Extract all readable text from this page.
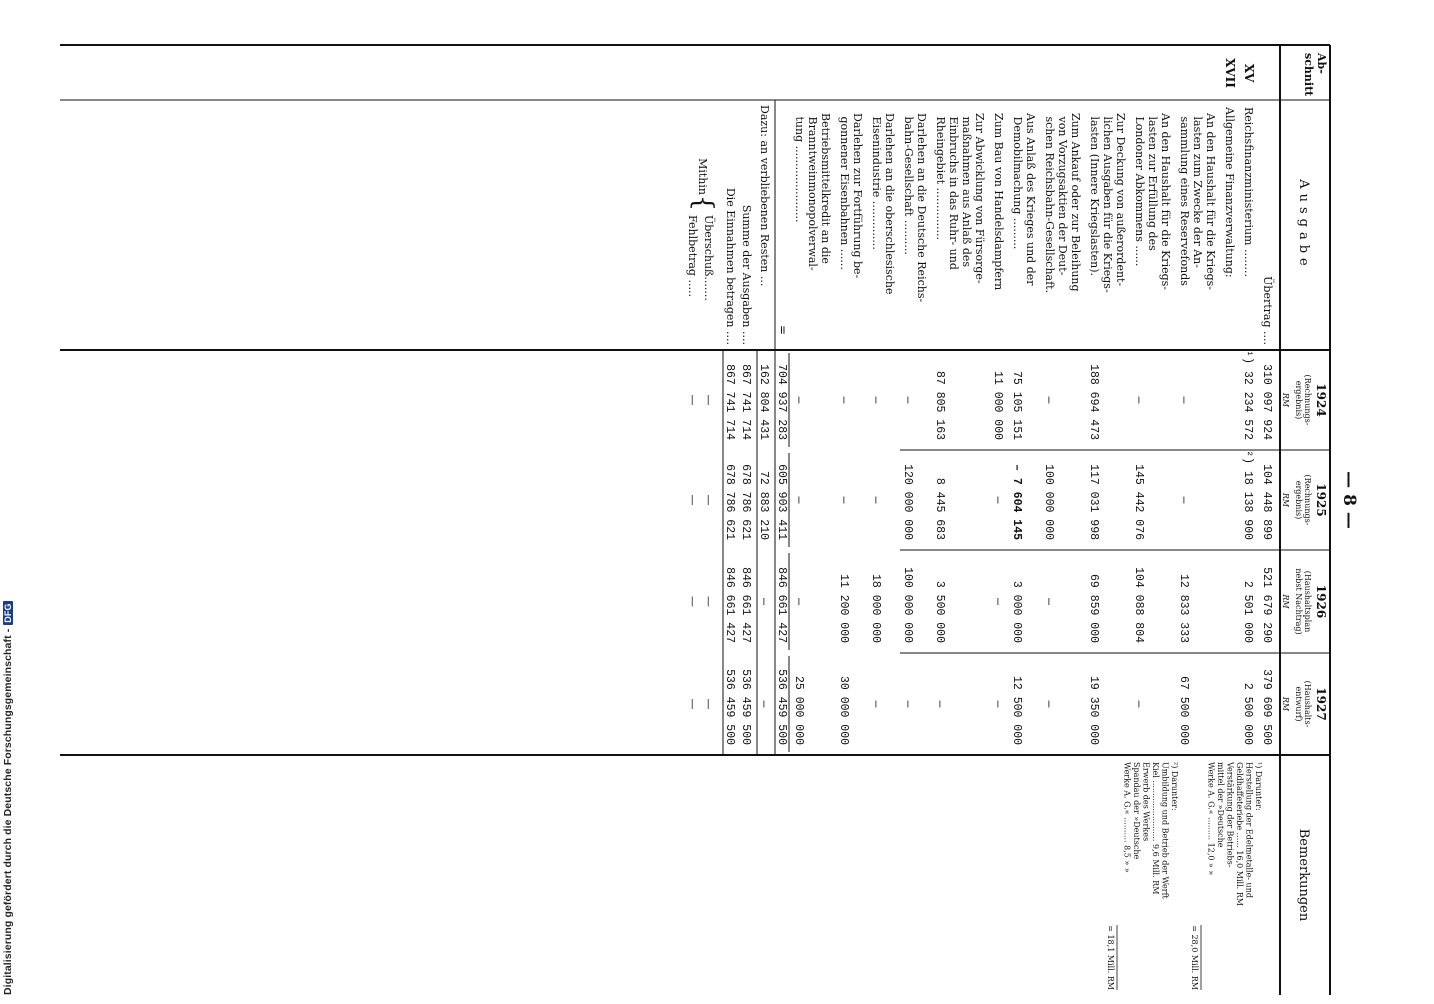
— 8 —
Ab-schnitt
Ausgabe
1924
(Rechnungs-ergebnis)
RM
1925
(Rechnungs-ergebnis)
RM
1926
(Haushaltsplannebst Nachtrag)
RM
1927
(Haushalts-entwurf)
RM
Bemerkungen
Übertrag ....
310 097 924
104 448 899
521 679 290
379 609 500
XV
Reichsfinanzministerium ........
¹) 32 234 572
²) 18 138 900
2 501 000
2 500 000
XVII
Allgemeine Finanzverwaltung:
An den Haushalt für die Kriegs- lasten zum Zwecke der An- sammlung eines Reservefonds
—
—
12 833 333
67 500 000
An den Haushalt für die Kriegs- lasten zur Erfüllung des Londoner Abkommens ......
—
145 442 076
104 088 804
—
Zur Deckung von außerordent- lichen Ausgaben für die Kriegs- lasten (Innere Kriegslasten).
188 694 473
117 031 998
69 859 000
19 350 000
Zum Ankauf oder zur Beleihung von Vorzugsaktien der Deut- schen Reichsbahn-Gesellschaft.
—
100 000 000
—
—
Aus Anlaß des Krieges und der Demobilmachung .........
75 105 151
– 7 604 145
3 000 000
12 500 000
Zum Bau von Handelsdampfern
11 000 000
—
—
—
Zur Abwicklung von Fürsorge- maßnahmen aus Anlaß des Einbruchs in das Ruhr- und Rheingebiet ...............
87 805 163
8 445 683
3 500 000
—
Darlehen an die Deutsche Reichs- bahn-Gesellschaft ..........
—
120 000 000
100 000 000
—
Darlehen an die oberschlesische Eisenindustrie ..............
—
—
18 000 000
—
Darlehen zur Fortführung be- gonnener Eisenbahnen ......
—
—
11 200 000
30 000 000
Betriebsmittelkredit an die Branntweinmonopolverwal- tung ......................
—
—
—
25 000 000
=
704 937 283
605 903 411
846 661 427
536 459 500
Dazu: an verbliebenen Resten ...
162 804 431
72 883 210
—
—
Summe der Ausgaben ....
867 741 714
678 786 621
846 661 427
536 459 500
Die Einnahmen betragen ....
867 741 714
678 786 621
846 661 427
536 459 500
Mithin
{
Überschuß.......
—
—
—
—
Fehlbetrag .....
—
—
—
—
¹) Darunter:Herstellung der Edelmetalle- undGeldhaffeteriebe ...... 16,0 Mill. RMVerstärkung der Betriebs-mittel der »DeutscheWerke A. G.« ......... 12,0 » »
= 28,0 Mill. RM
²) Darunter:Umbildung und Betrieb der WerftKiel ........................ 9,6 Mill. RMErwerb des WerkesSpandau der »DeutscheWerke A. G.« .......... 8,5 » »
= 18,1 Mill. RM
Digitalisierung gefördert durch die Deutsche Forschungsgemeinschaft -DFG
